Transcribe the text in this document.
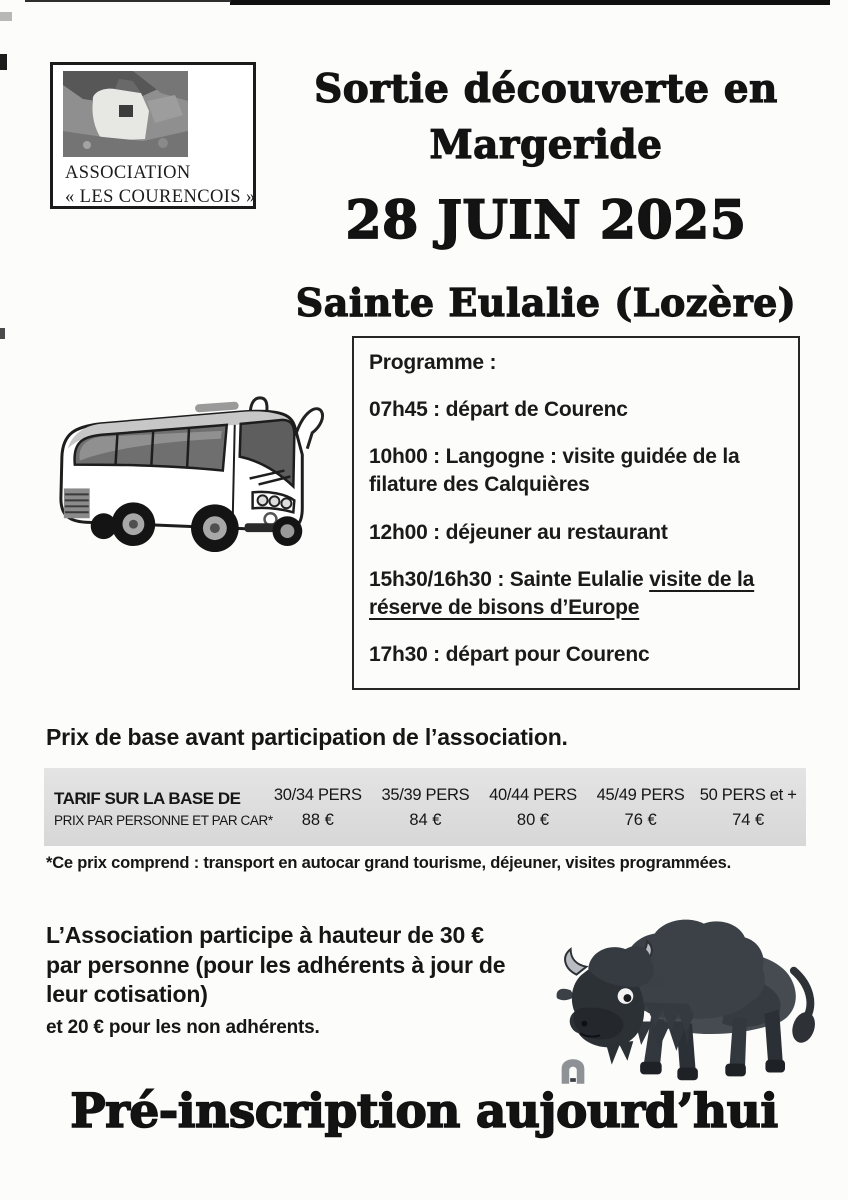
ASSOCIATION
« LES COURENCOIS »
Sortie découverte en
Margeride
28 JUIN 2025
Sainte Eulalie (Lozère)
Programme :
07h45 : départ de Courenc
10h00 : Langogne : visite guidée de la filature des Calquières
12h00 : déjeuner au restaurant
15h30/16h30 : Sainte Eulalie visite de la réserve de bisons d’Europe
17h30 : départ pour Courenc
Prix de base avant participation de l’association.
TARIF SUR LA BASE DE
PRIX PAR PERSONNE ET PAR CAR*
30/34 PERS
88 €
35/39 PERS
84 €
40/44 PERS
80 €
45/49 PERS
76 €
50 PERS et +
74 €
*Ce prix comprend : transport en autocar grand tourisme, déjeuner, visites programmées.
L’Association participe à hauteur de 30 €
par personne (pour les adhérents à jour de
leur cotisation)
et 20 € pour les non adhérents.
Pré-inscription aujourd’hui
